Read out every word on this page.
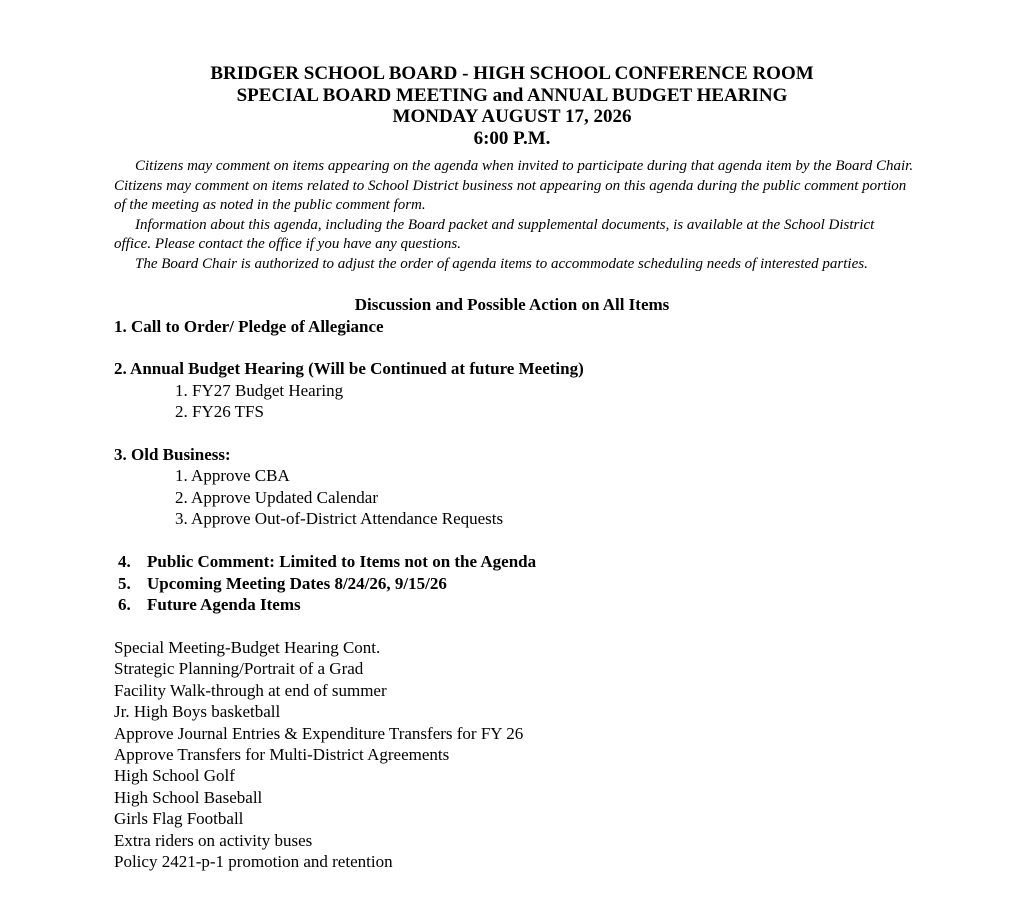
BRIDGER SCHOOL BOARD - HIGH SCHOOL CONFERENCE ROOM
SPECIAL BOARD MEETING and ANNUAL BUDGET HEARING
MONDAY AUGUST 17, 2026
6:00 P.M.

Citizens may comment on items appearing on the agenda when invited to participate during that agenda item by the Board Chair. Citizens may comment on items related to School District business not appearing on this agenda during the public comment portion of the meeting as noted in the public comment form.

Information about this agenda, including the Board packet and supplemental documents, is available at the School District office. Please contact the office if you have any questions.

The Board Chair is authorized to adjust the order of agenda items to accommodate scheduling needs of interested parties.

Discussion and Possible Action on All Items
1. Call to Order/ Pledge of Allegiance
2. Annual Budget Hearing (Will be Continued at future Meeting)
1. FY27 Budget Hearing
2. FY26 TFS
3. Old Business:
1. Approve CBA
2. Approve Updated Calendar
3. Approve Out-of-District Attendance Requests
4. Public Comment: Limited to Items not on the Agenda
5. Upcoming Meeting Dates 8/24/26, 9/15/26
6. Future Agenda Items
Special Meeting-Budget Hearing Cont.
Strategic Planning/Portrait of a Grad
Facility Walk-through at end of summer
Jr. High Boys basketball
Approve Journal Entries & Expenditure Transfers for FY 26
Approve Transfers for Multi-District Agreements
High School Golf
High School Baseball
Girls Flag Football
Extra riders on activity buses
Policy 2421-p-1 promotion and retention
